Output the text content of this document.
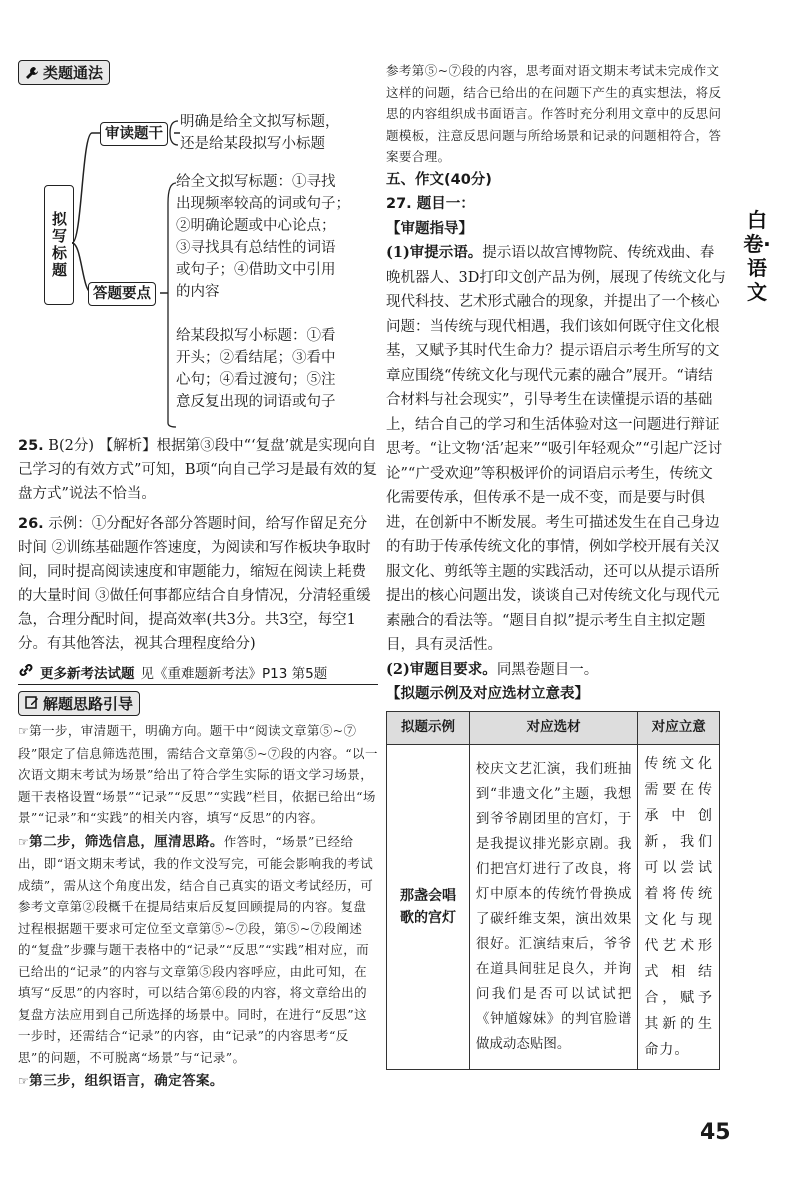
类题通法
拟写标题
审读题干
明确是给全文拟写标题，
还是给某段拟写小标题
答题要点
给全文拟写标题：①寻找
出现频率较高的词或句子；
②明确论题或中心论点；
③寻找具有总结性的词语
或句子；④借助文中引用
的内容
给某段拟写小标题：①看
开头；②看结尾；③看中
心句；④看过渡句；⑤注
意反复出现的词语或句子
25. B(2分) 【解析】根据第③段中“‘复盘’就是实现向自己学习的有效方式”可知，B项“向自己学习是最有效的复盘方式”说法不恰当。
26. 示例：①分配好各部分答题时间，给写作留足充分时间 ②训练基础题作答速度，为阅读和写作板块争取时间，同时提高阅读速度和审题能力，缩短在阅读上耗费的大量时间 ③做任何事都应结合自身情况，分清轻重缓急，合理分配时间，提高效率(共3分。共3空，每空1分。有其他答法，视其合理程度给分)
更多新考法试题 见《重难题新考法》P13 第5题
解题思路引导

☞第一步，审清题干，明确方向。题干中“阅读文章第⑤~⑦段”限定了信息筛选范围，需结合文章第⑤~⑦段的内容。“以一次语文期末考试为场景”给出了符合学生实际的语文学习场景，题干表格设置“场景”“记录”“反思”“实践”栏目，依据已给出“场景”“记录”和“实践”的相关内容，填写“反思”的内容。

☞第二步，筛选信息，厘清思路。作答时，“场景”已经给出，即“语文期末考试，我的作文没写完，可能会影响我的考试成绩”，需从这个角度出发，结合自己真实的语文考试经历，可参考文章第②段概千在提局结束后反复回顾提局的内容。复盘过程根据题干要求可定位至文章第⑤~⑦段，第⑤~⑦段阐述的“复盘”步骤与题干表格中的“记录”“反思”“实践”相对应，而已给出的“记录”的内容与文章第⑤段内容呼应，由此可知，在填写“反思”的内容时，可以结合第⑥段的内容，将文章给出的复盘方法应用到自己所选择的场景中。同时，在进行“反思”这一步时，还需结合“记录”的内容，由“记录”的内容思考“反思”的问题，不可脱离“场景”与“记录”。

☞第三步，组织语言，确定答案。

参考第⑤~⑦段的内容，思考面对语文期末考试未完成作文这样的问题，结合已给出的在问题下产生的真实想法，将反思的内容组织成书面语言。作答时充分利用文章中的反思问题模板，注意反思问题与所给场景和记录的问题相符合，答案要合理。
五、作文(40分)
27. 题目一：
【审题指导】
(1)审提示语。提示语以故宫博物院、传统戏曲、春晚机器人、3D打印文创产品为例，展现了传统文化与现代科技、艺术形式融合的现象，并提出了一个核心问题：当传统与现代相遇，我们该如何既守住文化根基，又赋予其时代生命力？提示语启示考生所写的文章应围绕“传统文化与现代元素的融合”展开。“请结合材料与社会现实”，引导考生在读懂提示语的基础上，结合自己的学习和生活体验对这一问题进行辩证思考。“让文物‘活’起来”“吸引年轻观众”“引起广泛讨论”“广受欢迎”等积极评价的词语启示考生，传统文化需要传承，但传承不是一成不变，而是要与时俱进，在创新中不断发展。考生可描述发生在自己身边的有助于传承传统文化的事情，例如学校开展有关汉服文化、剪纸等主题的实践活动，还可以从提示语所提出的核心问题出发，谈谈自己对传统文化与现代元素融合的看法等。“题目自拟”提示考生自主拟定题目，具有灵活性。
(2)审题目要求。同黑卷题目一。
【拟题示例及对应选材立意表】
拟题示例	对应选材	对应立意
那盏会唱歌的宫灯	校庆文艺汇演，我们班抽到“非遗文化”主题，我想到爷爷剧团里的宫灯，于是我提议排光影京剧。我们把宫灯进行了改良，将灯中原本的传统竹骨换成了碳纤维支架，演出效果很好。汇演结束后，爷爷在道具间驻足良久，并询问我们是否可以试试把《钟馗嫁妹》的判官脸谱做成动态贴图。	传统文化需要在传承中创新，我们可以尝试着将传统文化与现代艺术形式相结合，赋予其新的生命力。
白卷·语文
45
